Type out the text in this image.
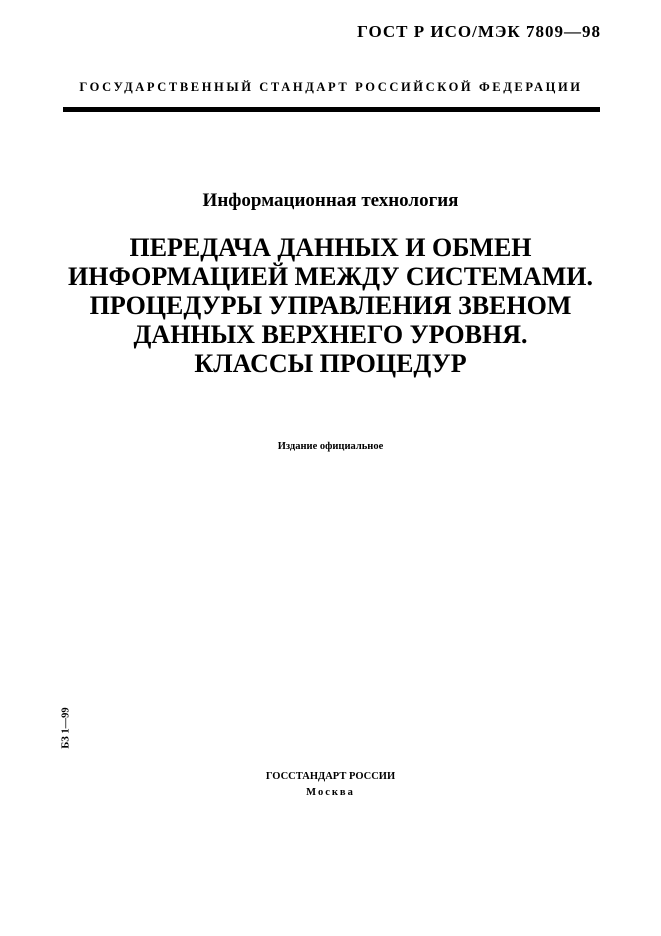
ГОСТ Р ИСО/МЭК 7809—98
ГОСУДАРСТВЕННЫЙ СТАНДАРТ РОССИЙСКОЙ ФЕДЕРАЦИИ
Информационная технология
ПЕРЕДАЧА ДАННЫХ И ОБМЕН
ИНФОРМАЦИЕЙ МЕЖДУ СИСТЕМАМИ.
ПРОЦЕДУРЫ УПРАВЛЕНИЯ ЗВЕНОМ
ДАННЫХ ВЕРХНЕГО УРОВНЯ.
КЛАССЫ ПРОЦЕДУР
Издание официальное
БЗ 1—99
ГОССТАНДАРТ РОССИИ
Москва
